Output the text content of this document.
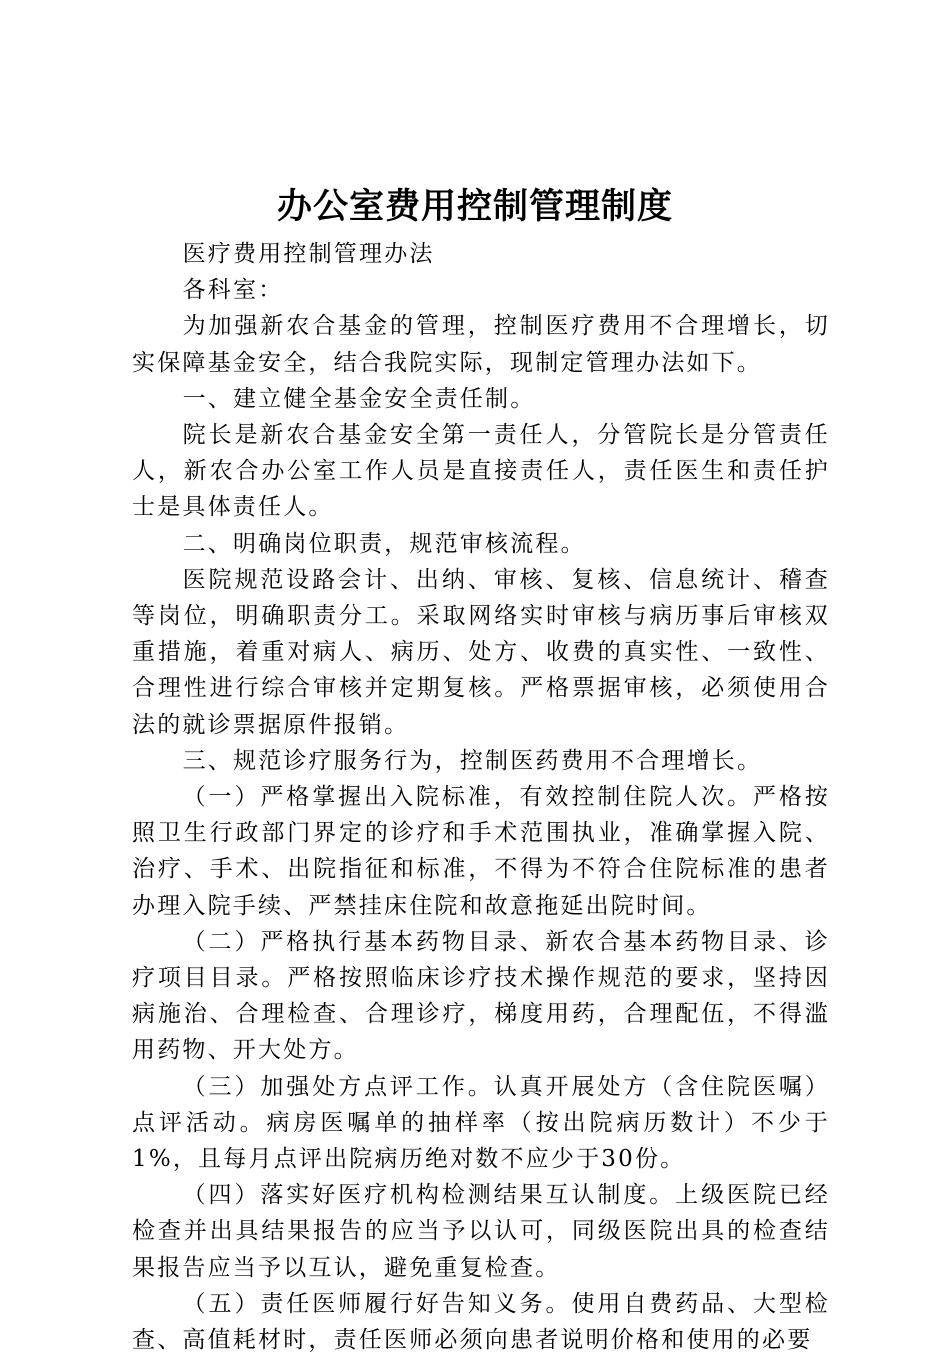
办公室费用控制管理制度

医疗费用控制管理办法

各科室：

为加强新农合基金的管理，控制医疗费用不合理增长，切实保障基金安全，结合我院实际，现制定管理办法如下。

一、建立健全基金安全责任制。

院长是新农合基金安全第一责任人，分管院长是分管责任人，新农合办公室工作人员是直接责任人，责任医生和责任护士是具体责任人。

二、明确岗位职责，规范审核流程。

医院规范设路会计、出纳、审核、复核、信息统计、稽查等岗位，明确职责分工。采取网络实时审核与病历事后审核双重措施，着重对病人、病历、处方、收费的真实性、一致性、合理性进行综合审核并定期复核。严格票据审核，必须使用合法的就诊票据原件报销。

三、规范诊疗服务行为，控制医药费用不合理增长。

（一）严格掌握出入院标准，有效控制住院人次。严格按照卫生行政部门界定的诊疗和手术范围执业，准确掌握入院、治疗、手术、出院指征和标准，不得为不符合住院标准的患者办理入院手续、严禁挂床住院和故意拖延出院时间。

（二）严格执行基本药物目录、新农合基本药物目录、诊疗项目目录。严格按照临床诊疗技术操作规范的要求，坚持因病施治、合理检查、合理诊疗，梯度用药，合理配伍，不得滥用药物、开大处方。

（三）加强处方点评工作。认真开展处方（含住院医嘱）点评活动。病房医嘱单的抽样率（按出院病历数计）不少于1%，且每月点评出院病历绝对数不应少于30份。

（四）落实好医疗机构检测结果互认制度。上级医院已经检查并出具结果报告的应当予以认可，同级医院出具的检查结果报告应当予以互认，避免重复检查。

（五）责任医师履行好告知义务。使用自费药品、大型检查、高值耗材时，责任医师必须向患者说明价格和使用的必要
